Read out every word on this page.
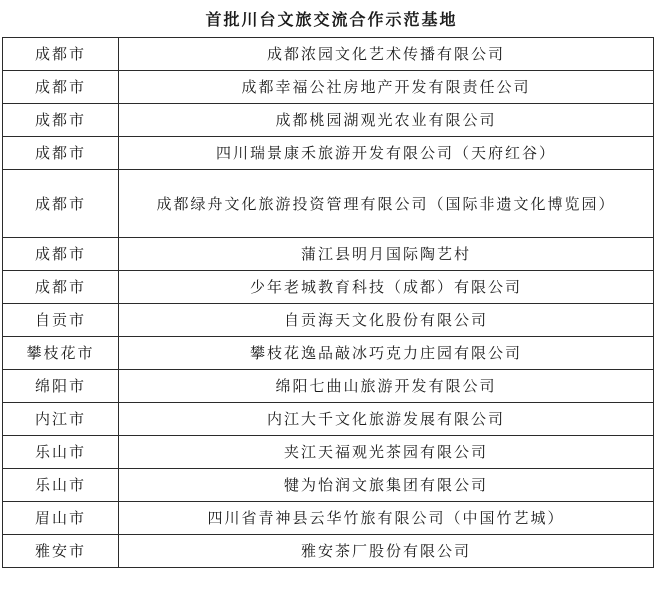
首批川台文旅交流合作示范基地
成都市	成都浓园文化艺术传播有限公司
成都市	成都幸福公社房地产开发有限责任公司
成都市	成都桃园湖观光农业有限公司
成都市	四川瑞景康禾旅游开发有限公司（天府红谷）
成都市	成都绿舟文化旅游投资管理有限公司（国际非遗文化博览园）
成都市	蒲江县明月国际陶艺村
成都市	少年老城教育科技（成都）有限公司
自贡市	自贡海天文化股份有限公司
攀枝花市	攀枝花逸品敲冰巧克力庄园有限公司
绵阳市	绵阳七曲山旅游开发有限公司
内江市	内江大千文化旅游发展有限公司
乐山市	夹江天福观光茶园有限公司
乐山市	犍为怡润文旅集团有限公司
眉山市	四川省青神县云华竹旅有限公司（中国竹艺城）
雅安市	雅安茶厂股份有限公司
